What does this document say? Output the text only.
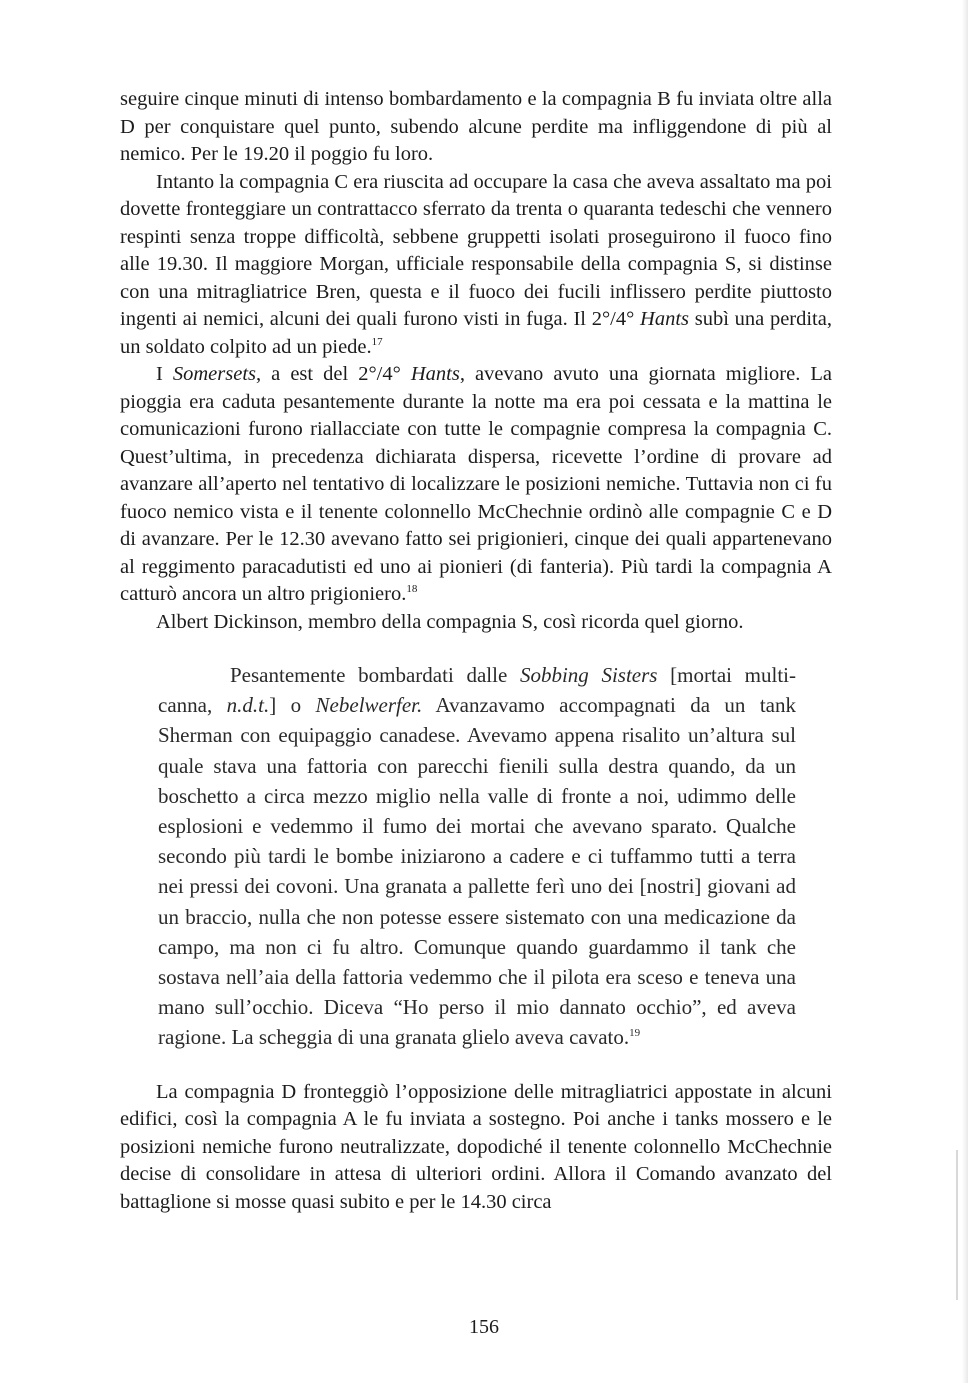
seguire cinque minuti di intenso bombardamento e la compagnia B fu inviata oltre alla D per conquistare quel punto, subendo alcune perdite ma infliggendone di più al nemico. Per le 19.20 il poggio fu loro.

Intanto la compagnia C era riuscita ad occupare la casa che aveva assaltato ma poi dovette fronteggiare un contrattacco sferrato da trenta o quaranta tedeschi che vennero respinti senza troppe difficoltà, sebbene gruppetti isolati proseguirono il fuoco fino alle 19.30. Il maggiore Morgan, ufficiale responsabile della compagnia S, si distinse con una mitragliatrice Bren, questa e il fuoco dei fucili inflissero perdite piuttosto ingenti ai nemici, alcuni dei quali furono visti in fuga. Il 2°/4° Hants subì una perdita, un soldato colpito ad un piede.$^{17}$

I Somersets, a est del 2°/4° Hants, avevano avuto una giornata migliore. La pioggia era caduta pesantemente durante la notte ma era poi cessata e la mattina le comunicazioni furono riallacciate con tutte le compagnie compresa la compagnia C. Quest’ultima, in precedenza dichiarata dispersa, ricevette l’ordine di provare ad avanzare all’aperto nel tentativo di localizzare le posizioni nemiche. Tuttavia non ci fu fuoco nemico vista e il tenente colonnello McChechnie ordinò alle compagnie C e D di avanzare. Per le 12.30 avevano fatto sei prigionieri, cinque dei quali appartenevano al reggimento paracadutisti ed uno ai pionieri (di fanteria). Più tardi la compagnia A catturò ancora un altro prigioniero.$^{18}$

Albert Dickinson, membro della compagnia S, così ricorda quel giorno.

Pesantemente bombardati dalle Sobbing Sisters [mortai multi-canna, n.d.t.] o Nebelwerfer. Avanzavamo accompagnati da un tank Sherman con equipaggio canadese. Avevamo appena risalito un’altura sul quale stava una fattoria con parecchi fienili sulla destra quando, da un boschetto a circa mezzo miglio nella valle di fronte a noi, udimmo delle esplosioni e vedemmo il fumo dei mortai che avevano sparato. Qualche secondo più tardi le bombe iniziarono a cadere e ci tuffammo tutti a terra nei pressi dei covoni. Una granata a pallette ferì uno dei [nostri] giovani ad un braccio, nulla che non potesse essere sistemato con una medicazione da campo, ma non ci fu altro. Comunque quando guardammo il tank che sostava nell’aia della fattoria vedemmo che il pilota era sceso e teneva una mano sull’occhio. Diceva “Ho perso il mio dannato occhio”, ed aveva ragione. La scheggia di una granata glielo aveva cavato.$^{19}$

La compagnia D fronteggiò l’opposizione delle mitragliatrici appostate in alcuni edifici, così la compagnia A le fu inviata a sostegno. Poi anche i tanks mossero e le posizioni nemiche furono neutralizzate, dopodiché il tenente colonnello McChechnie decise di consolidare in attesa di ulteriori ordini. Allora il Comando avanzato del battaglione si mosse quasi subito e per le 14.30 circa

156
